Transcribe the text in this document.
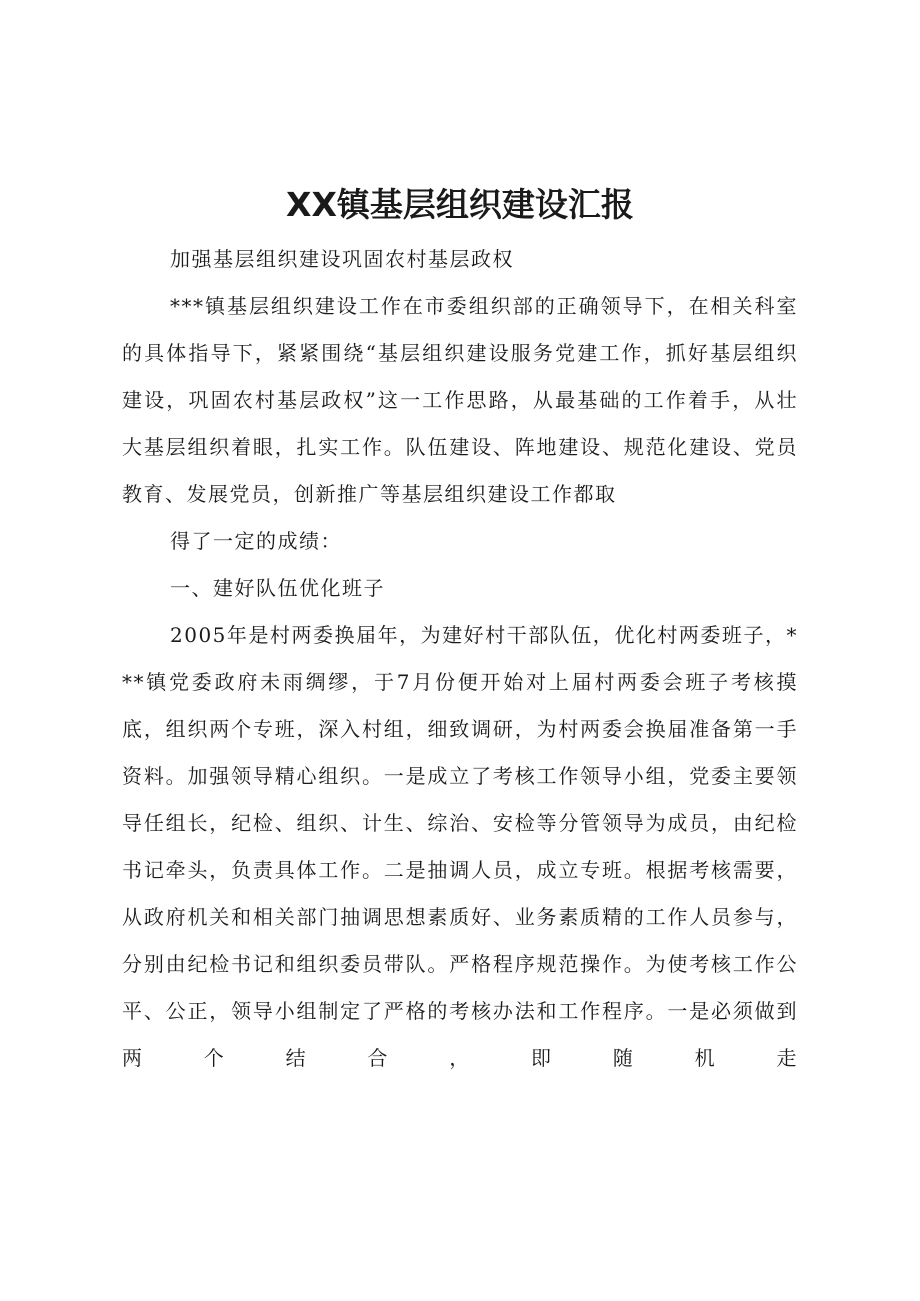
XX镇基层组织建设汇报

加强基层组织建设巩固农村基层政权

***镇基层组织建设工作在市委组织部的正确领导下，在相关科室的具体指导下，紧紧围绕“基层组织建设服务党建工作，抓好基层组织建设，巩固农村基层政权”这一工作思路，从最基础的工作着手，从壮大基层组织着眼，扎实工作。队伍建设、阵地建设、规范化建设、党员教育、发展党员，创新推广等基层组织建设工作都取

得了一定的成绩：

一、建好队伍优化班子

2005年是村两委换届年，为建好村干部队伍，优化村两委班子，***镇党委政府未雨绸缪，于7月份便开始对上届村两委会班子考核摸底，组织两个专班，深入村组，细致调研，为村两委会换届准备第一手资料。加强领导精心组织。一是成立了考核工作领导小组，党委主要领导任组长，纪检、组织、计生、综治、安检等分管领导为成员，由纪检书记牵头，负责具体工作。二是抽调人员，成立专班。根据考核需要，从政府机关和相关部门抽调思想素质好、业务素质精的工作人员参与，分别由纪检书记和组织委员带队。严格程序规范操作。为使考核工作公平、公正，领导小组制定了严格的考核办法和工作程序。一是必须做到两个结合，即随机走
